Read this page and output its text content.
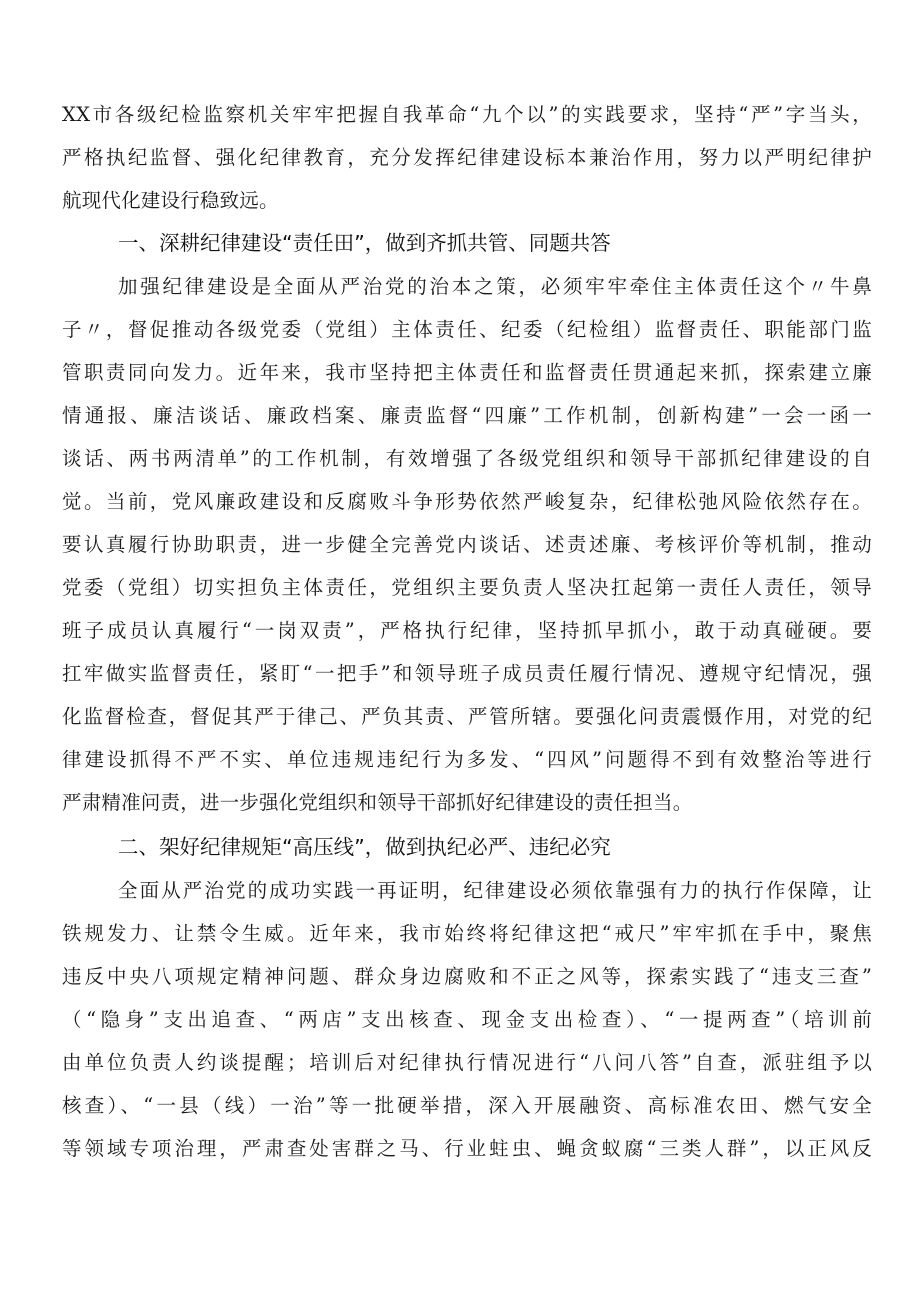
XX市各级纪检监察机关牢牢把握自我革命“九个以”的实践要求，坚持“严”字当头，
严格执纪监督、强化纪律教育，充分发挥纪律建设标本兼治作用，努力以严明纪律护
航现代化建设行稳致远。
一、深耕纪律建设“责任田”，做到齐抓共管、同题共答
加强纪律建设是全面从严治党的治本之策，必须牢牢牵住主体责任这个〃牛鼻
子〃，督促推动各级党委（党组）主体责任、纪委（纪检组）监督责任、职能部门监
管职责同向发力。近年来，我市坚持把主体责任和监督责任贯通起来抓，探索建立廉
情通报、廉洁谈话、廉政档案、廉责监督“四廉”工作机制，创新构建”一会一函一
谈话、两书两清单”的工作机制，有效增强了各级党组织和领导干部抓纪律建设的自
觉。当前，党风廉政建设和反腐败斗争形势依然严峻复杂，纪律松弛风险依然存在。
要认真履行协助职责，进一步健全完善党内谈话、述责述廉、考核评价等机制，推动
党委（党组）切实担负主体责任，党组织主要负责人坚决扛起第一责任人责任，领导
班子成员认真履行“一岗双责”，严格执行纪律，坚持抓早抓小，敢于动真碰硬。要
扛牢做实监督责任，紧盯“一把手”和领导班子成员责任履行情况、遵规守纪情况，强
化监督检查，督促其严于律己、严负其责、严管所辖。要强化问责震慑作用，对党的纪
律建设抓得不严不实、单位违规违纪行为多发、“四风”问题得不到有效整治等进行
严肃精准问责，进一步强化党组织和领导干部抓好纪律建设的责任担当。
二、架好纪律规矩“高压线”，做到执纪必严、违纪必究
全面从严治党的成功实践一再证明，纪律建设必须依靠强有力的执行作保障，让
铁规发力、让禁令生威。近年来，我市始终将纪律这把“戒尺”牢牢抓在手中，聚焦
违反中央八项规定精神问题、群众身边腐败和不正之风等，探索实践了“违支三查”
（“隐身”支出追查、“两店”支出核查、现金支出检查）、“一提两查”（培训前
由单位负责人约谈提醒；培训后对纪律执行情况进行“八问八答”自查，派驻组予以
核查）、“一县（线）一治”等一批硬举措，深入开展融资、高标准农田、燃气安全
等领域专项治理，严肃查处害群之马、行业蛀虫、蝇贪蚁腐“三类人群”，以正风反
